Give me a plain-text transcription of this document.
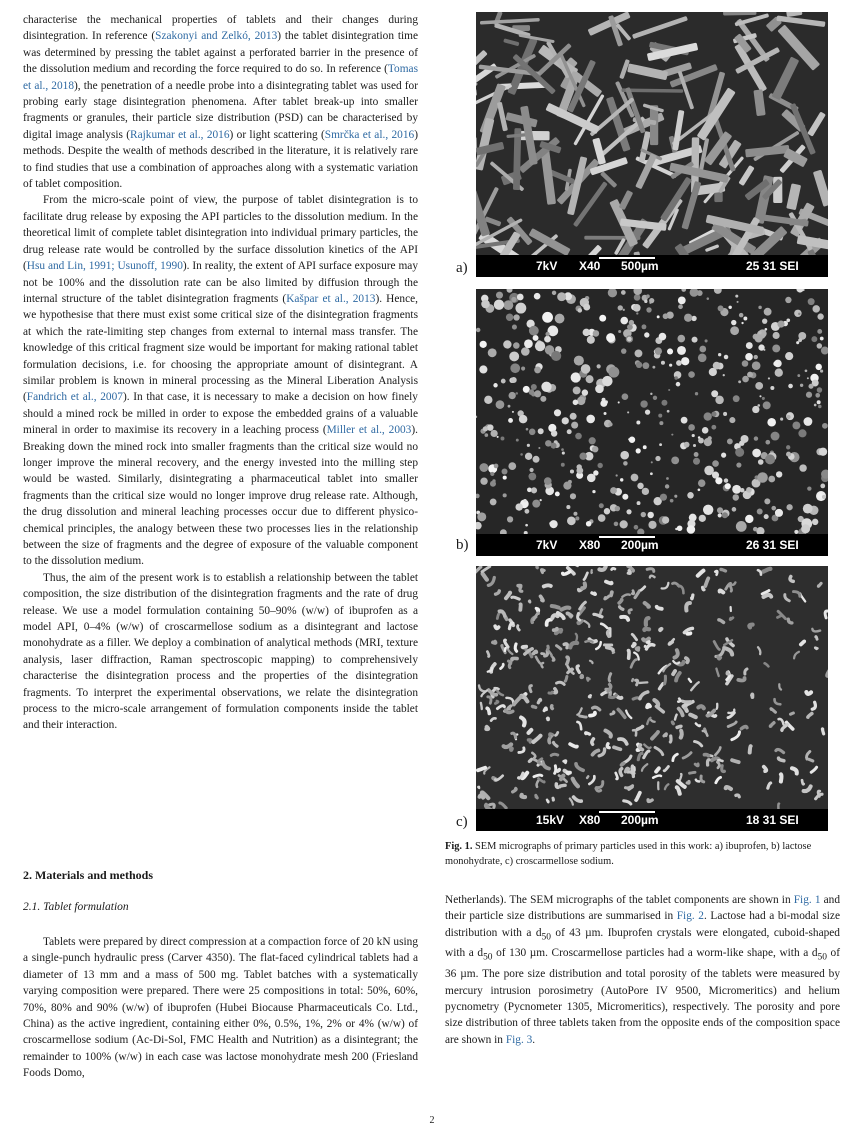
characterise the mechanical properties of tablets and their changes during disintegration. In reference (Szakonyi and Zelkó, 2013) the tablet disintegration time was determined by pressing the tablet against a perforated barrier in the presence of the dissolution medium and recording the force required to do so. In reference (Tomas et al., 2018), the penetration of a needle probe into a disintegrating tablet was used for probing early stage disintegration phenomena. After tablet break-up into smaller fragments or granules, their particle size distribution (PSD) can be characterised by digital image analysis (Rajkumar et al., 2016) or light scattering (Smrčka et al., 2016) methods. Despite the wealth of methods described in the literature, it is relatively rare to find studies that use a combination of approaches along with a systematic variation of tablet composition.

From the micro-scale point of view, the purpose of tablet disintegration is to facilitate drug release by exposing the API particles to the dissolution medium. In the theoretical limit of complete tablet disintegration into individual primary particles, the drug release rate would be controlled by the surface dissolution kinetics of the API (Hsu and Lin, 1991; Usunoff, 1990). In reality, the extent of API surface exposure may not be 100% and the dissolution rate can be also limited by diffusion through the internal structure of the tablet disintegration fragments (Kašpar et al., 2013). Hence, we hypothesise that there must exist some critical size of the disintegration fragments at which the rate-limiting step changes from external to internal mass transfer. The knowledge of this critical fragment size would be important for making rational tablet formulation decisions, i.e. for choosing the appropriate amount of disintegrant. A similar problem is known in mineral processing as the Mineral Liberation Analysis (Fandrich et al., 2007). In that case, it is necessary to make a decision on how finely should a mined rock be milled in order to expose the embedded grains of a valuable mineral in order to maximise its recovery in a leaching process (Miller et al., 2003). Breaking down the mined rock into smaller fragments than the critical size would no longer improve the mineral recovery, and the energy invested into the milling step would be wasted. Similarly, disintegrating a pharmaceutical tablet into smaller fragments than the critical size would no longer improve drug release rate. Although, the drug dissolution and mineral leaching processes occur due to different physico-chemical principles, the analogy between these two processes lies in the relationship between the size of fragments and the degree of exposure of the valuable component to the dissolution medium.

Thus, the aim of the present work is to establish a relationship between the tablet composition, the size distribution of the disintegration fragments and the rate of drug release. We use a model formulation containing 50–90% (w/w) of ibuprofen as a model API, 0–4% (w/w) of croscarmellose sodium as a disintegrant and lactose monohydrate as a filler. We deploy a combination of analytical methods (MRI, texture analysis, laser diffraction, Raman spectroscopic mapping) to comprehensively characterise the disintegration process and the properties of the disintegration fragments. To interpret the experimental observations, we relate the disintegration process to the micro-scale arrangement of formulation components inside the tablet and their interaction.

2. Materials and methods
2.1. Tablet formulation

Tablets were prepared by direct compression at a compaction force of 20 kN using a single-punch hydraulic press (Carver 4350). The flat-faced cylindrical tablets had a diameter of 13 mm and a mass of 500 mg. Tablet batches with a systematically varying composition were prepared. There were 25 compositions in total: 50%, 60%, 70%, 80% and 90% (w/w) of ibuprofen (Hubei Biocause Pharmaceuticals Co. Ltd., China) as the active ingredient, containing either 0%, 0.5%, 1%, 2% or 4% (w/w) of croscarmellose sodium (Ac-Di-Sol, FMC Health and Nutrition) as a disintegrant; the remainder to 100% (w/w) in each case was lactose monohydrate mesh 200 (Friesland Foods Domo,

7kV X40 500µm	25 31 SEI
a)
7kV X80 200µm	26 31 SEI
b)
15kV X80 200µm	18 31 SEI
c)
Fig. 1. SEM micrographs of primary particles used in this work: a) ibuprofen, b) lactose monohydrate, c) croscarmellose sodium.

Netherlands). The SEM micrographs of the tablet components are shown in Fig. 1 and their particle size distributions are summarised in Fig. 2. Lactose had a bi-modal size distribution with a $d_{50}$ of 43 µm. Ibuprofen crystals were elongated, cuboid-shaped with a $d_{50}$ of 130 µm. Croscarmellose particles had a worm-like shape, with a $d_{50}$ of 36 µm. The pore size distribution and total porosity of the tablets were measured by mercury intrusion porosimetry (AutoPore IV 9500, Micromeritics) and helium pycnometry (Pycnometer 1305, Micromeritics), respectively. The porosity and pore size distribution of three tablets taken from the opposite ends of the composition space are shown in Fig. 3.

2
